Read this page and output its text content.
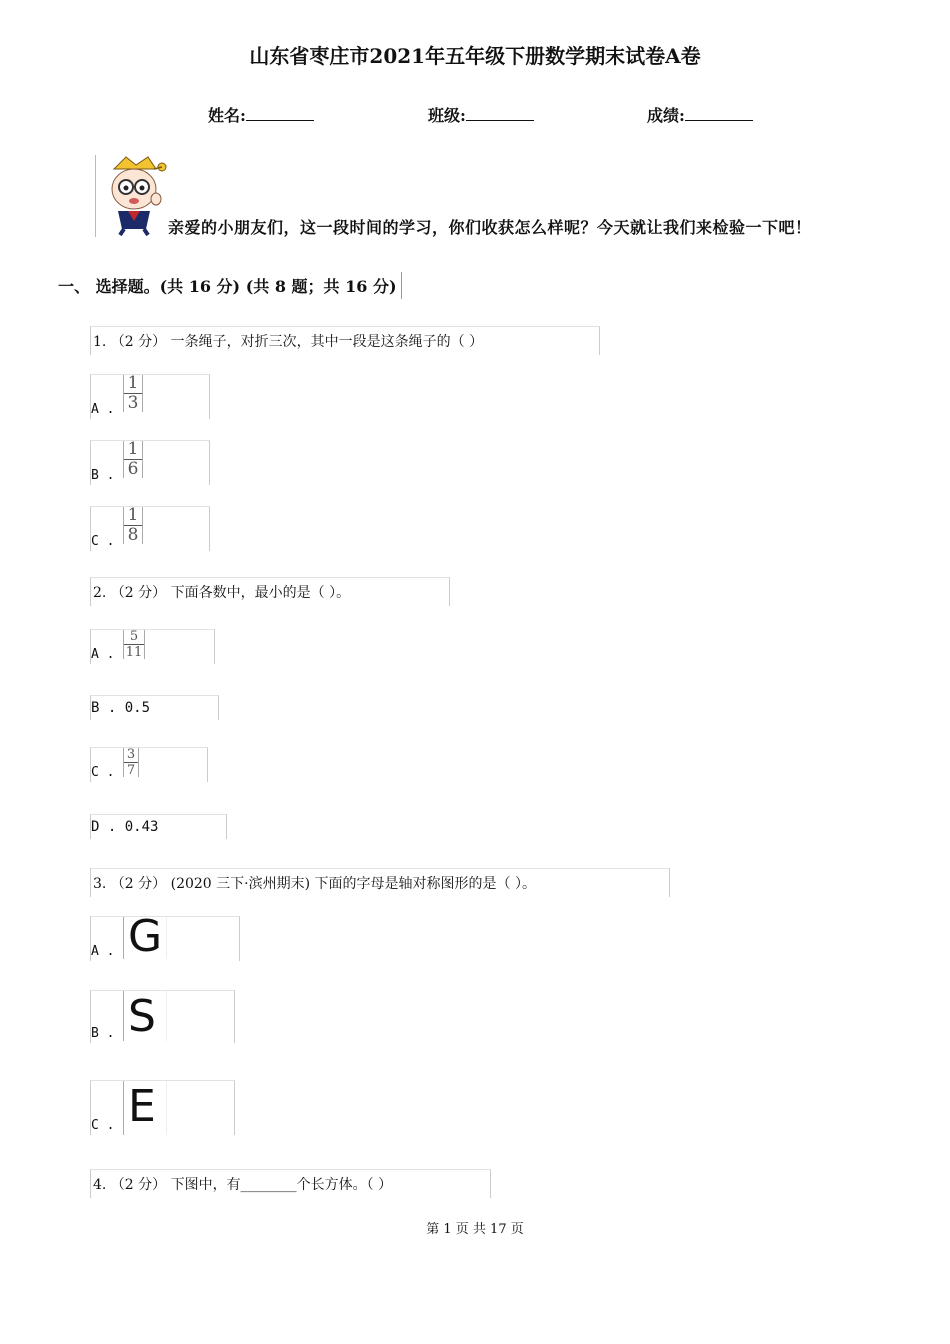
山东省枣庄市2021年五年级下册数学期末试卷A卷
姓名:	班级:	成绩:
亲爱的小朋友们，这一段时间的学习，你们收获怎么样呢？今天就让我们来检验一下吧！
一、 选择题。(共 16 分) (共 8 题；共 16 分)
1. （2 分） 一条绳子，对折三次，其中一段是这条绳子的（ ）
A . $\frac{1}{3}$
B . $\frac{1}{6}$
C . $\frac{1}{8}$
2. （2 分） 下面各数中，最小的是（ ）。
A . $\frac{5}{11}$
B . 0.5
C . $\frac{3}{7}$
D . 0.43
3. （2 分） (2020 三下·滨州期末) 下面的字母是轴对称图形的是（ ）。
A . G
B . S
C . E
4. （2 分） 下图中，有________个长方体。（ ）
第 1 页 共 17 页
